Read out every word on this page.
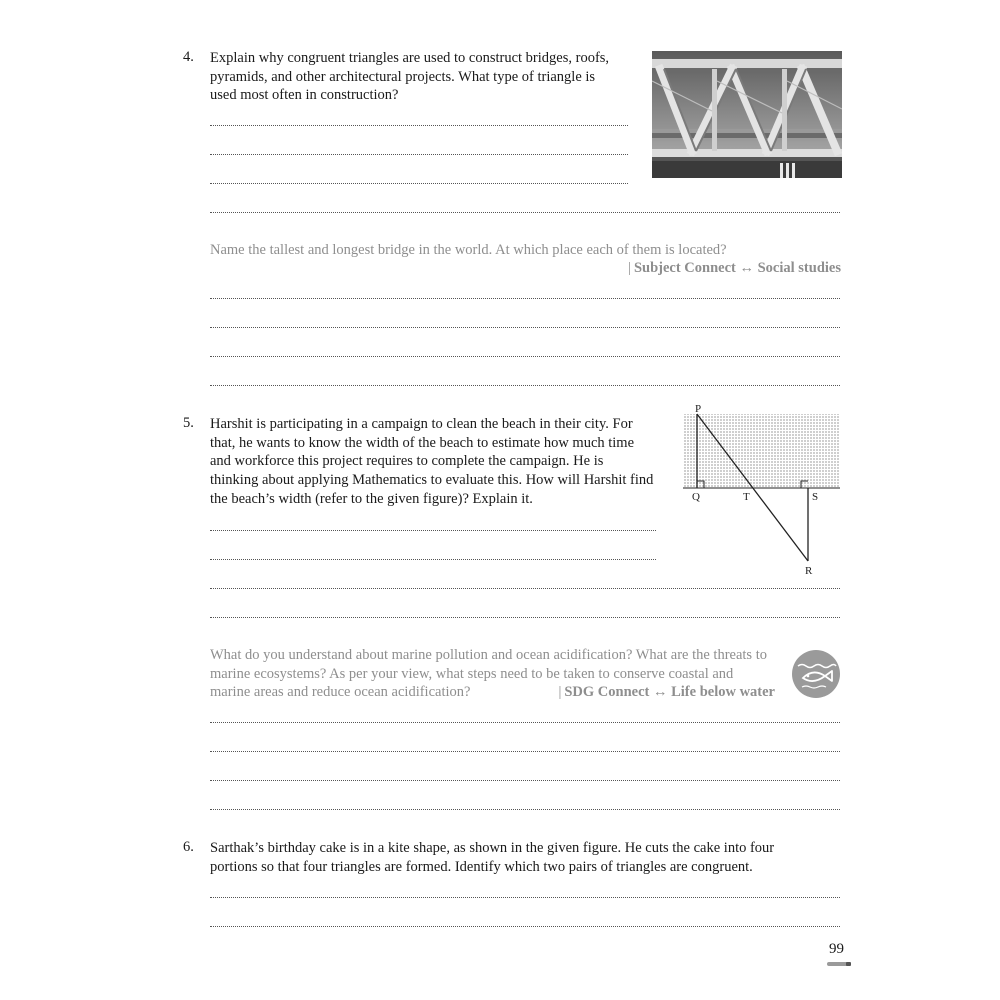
4. Explain why congruent triangles are used to construct bridges, roofs, pyramids, and other architectural projects. What type of triangle is used most often in construction?
Name the tallest and longest bridge in the world. At which place each of them is located?
| Subject Connect ↔ Social studies
5. Harshit is participating in a campaign to clean the beach in their city. For that, he wants to know the width of the beach to estimate how much time and workforce this project requires to complete the campaign. He is thinking about applying Mathematics to evaluate this. How will Harshit find the beach’s width (refer to the given figure)? Explain it.
P
Q	T	S
R
What do you understand about marine pollution and ocean acidification? What are the threats to marine ecosystems? As per your view, what steps need to be taken to conserve coastal and marine areas and reduce ocean acidification?	| SDG Connect ↔ Life below water
6. Sarthak’s birthday cake is in a kite shape, as shown in the given figure. He cuts the cake into four portions so that four triangles are formed. Identify which two pairs of triangles are congruent.
99
